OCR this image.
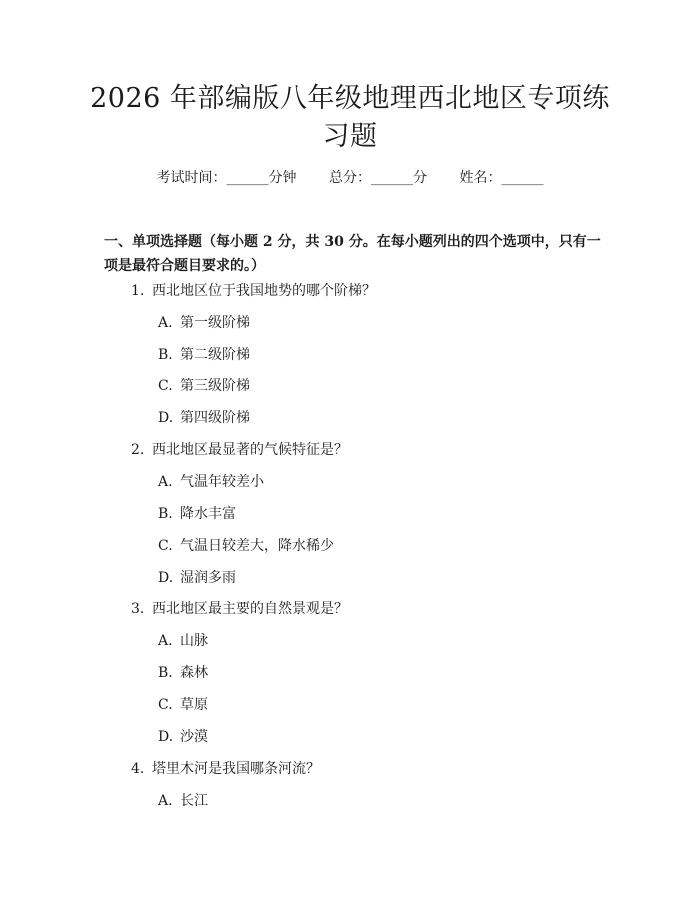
2026 年部编版八年级地理西北地区专项练习题
考试时间：______分钟 总分：______分 姓名：______
一、单项选择题（每小题 2 分，共 30 分。在每小题列出的四个选项中，只有一项是最符合题目要求的。）
1. 西北地区位于我国地势的哪个阶梯？
A. 第一级阶梯
B. 第二级阶梯
C. 第三级阶梯
D. 第四级阶梯
2. 西北地区最显著的气候特征是？
A. 气温年较差小
B. 降水丰富
C. 气温日较差大，降水稀少
D. 湿润多雨
3. 西北地区最主要的自然景观是？
A. 山脉
B. 森林
C. 草原
D. 沙漠
4. 塔里木河是我国哪条河流？
A. 长江
